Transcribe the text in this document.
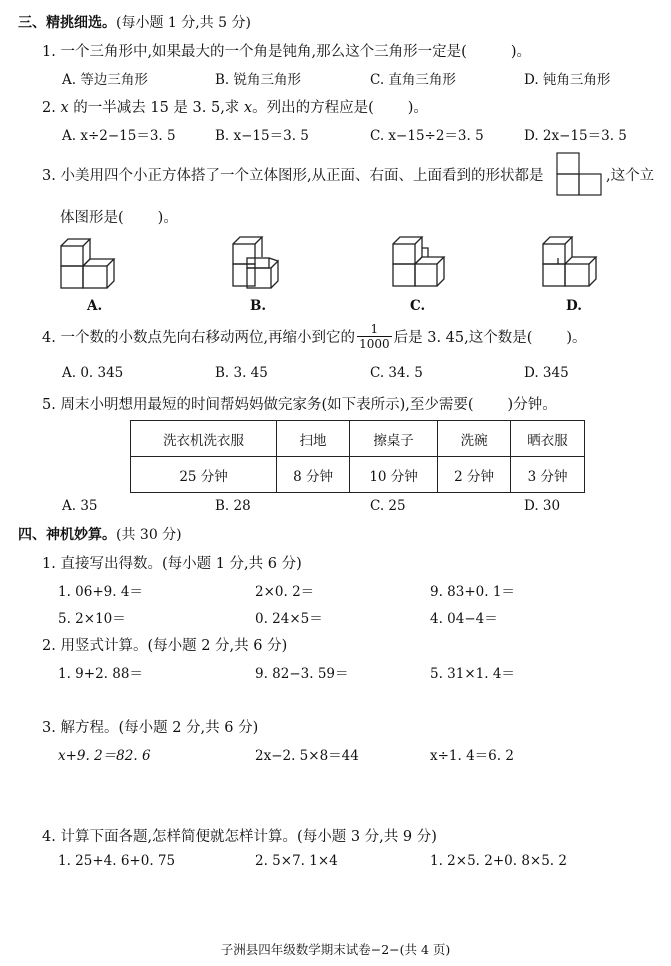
三、精挑细选。(每小题 1 分,共 5 分)
1. 一个三角形中,如果最大的一个角是钝角,那么这个三角形一定是(	)。
A. 等边三角形	B. 锐角三角形	C. 直角三角形	D. 钝角三角形
2. x 的一半减去 15 是 3. 5,求 x。列出的方程应是( )。
A. x÷2−15＝3. 5	B. x−15＝3. 5	C. x−15÷2＝3. 5	D. 2x−15＝3. 5
3. 小美用四个小正方体搭了一个立体图形,从正面、右面、上面看到的形状都是	,这个立
体图形是( )。
A.	B.	C.	D.
4. 一个数的小数点先向右移动两位,再缩小到它的 $\frac{1}{1000}$ 后是 3. 45,这个数是( )。
A. 0. 345	B. 3. 45	C. 34. 5	D. 345
5. 周末小明想用最短的时间帮妈妈做完家务(如下表所示),至少需要( )分钟。
洗衣机洗衣服	扫地	擦桌子	洗碗	晒衣服
25 分钟	8 分钟	10 分钟	2 分钟	3 分钟
A. 35	B. 28	C. 25	D. 30
四、神机妙算。(共 30 分)
1. 直接写出得数。(每小题 1 分,共 6 分)
1. 06+9. 4＝	2×0. 2＝	9. 83+0. 1＝
5. 2×10＝	0. 24×5＝	4. 04−4＝
2. 用竖式计算。(每小题 2 分,共 6 分)
1. 9+2. 88＝	9. 82−3. 59＝	5. 31×1. 4＝
3. 解方程。(每小题 2 分,共 6 分)
x+9. 2＝82. 6	2x−2. 5×8＝44	x÷1. 4＝6. 2
4. 计算下面各题,怎样简便就怎样计算。(每小题 3 分,共 9 分)
1. 25+4. 6+0. 75	2. 5×7. 1×4	1. 2×5. 2+0. 8×5. 2
子洲县四年级数学期末试卷−2−(共 4 页)
